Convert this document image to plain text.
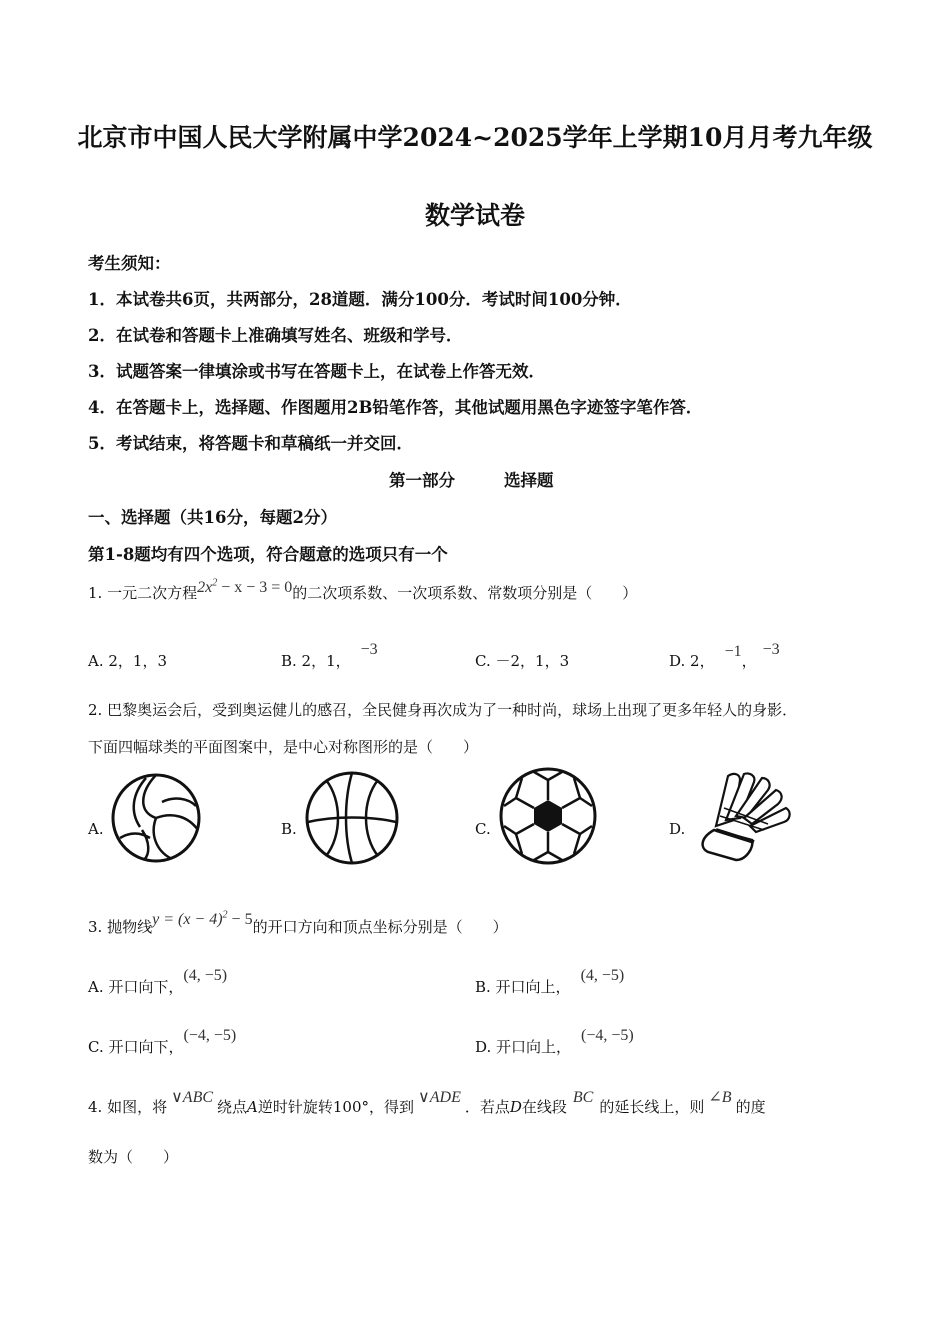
北京市中国人民大学附属中学2024~2025学年上学期10月月考九年级
数学试卷
考生须知：
1．本试卷共6页，共两部分，28道题．满分100分．考试时间100分钟．
2．在试卷和答题卡上准确填写姓名、班级和学号．
3．试题答案一律填涂或书写在答题卡上，在试卷上作答无效．
4．在答题卡上，选择题、作图题用2B铅笔作答，其他试题用黑色字迹签字笔作答．
5．考试结束，将答题卡和草稿纸一并交回．
第一部分	选择题
一、选择题（共16分，每题2分）
第1-8题均有四个选项，符合题意的选项只有一个
1. 一元二次方程$2x^2 - x - 3 = 0$的二次项系数、一次项系数、常数项分别是（　　）
A. 2，1，3	B. 2，1，−3
C. －2，1，3	D. 2，−1，−3
2. 巴黎奥运会后，受到奥运健儿的感召，全民健身再次成为了一种时尚，球场上出现了更多年轻人的身影．
下面四幅球类的平面图案中，是中心对称图形的是（　　）
A.	B.	C.	D.
3. 抛物线$y = (x - 4)^2 - 5$的开口方向和顶点坐标分别是（　　）
A. 开口向下，(4, −5)
B. 开口向上，(4, −5)
C. 开口向下，(−4, −5)
D. 开口向上，(−4, −5)
4. 如图，将∨ABC绕点A逆时针旋转100°，得到∨ADE．若点D在线段BC的延长线上，则∠B的度
数为（　　）
